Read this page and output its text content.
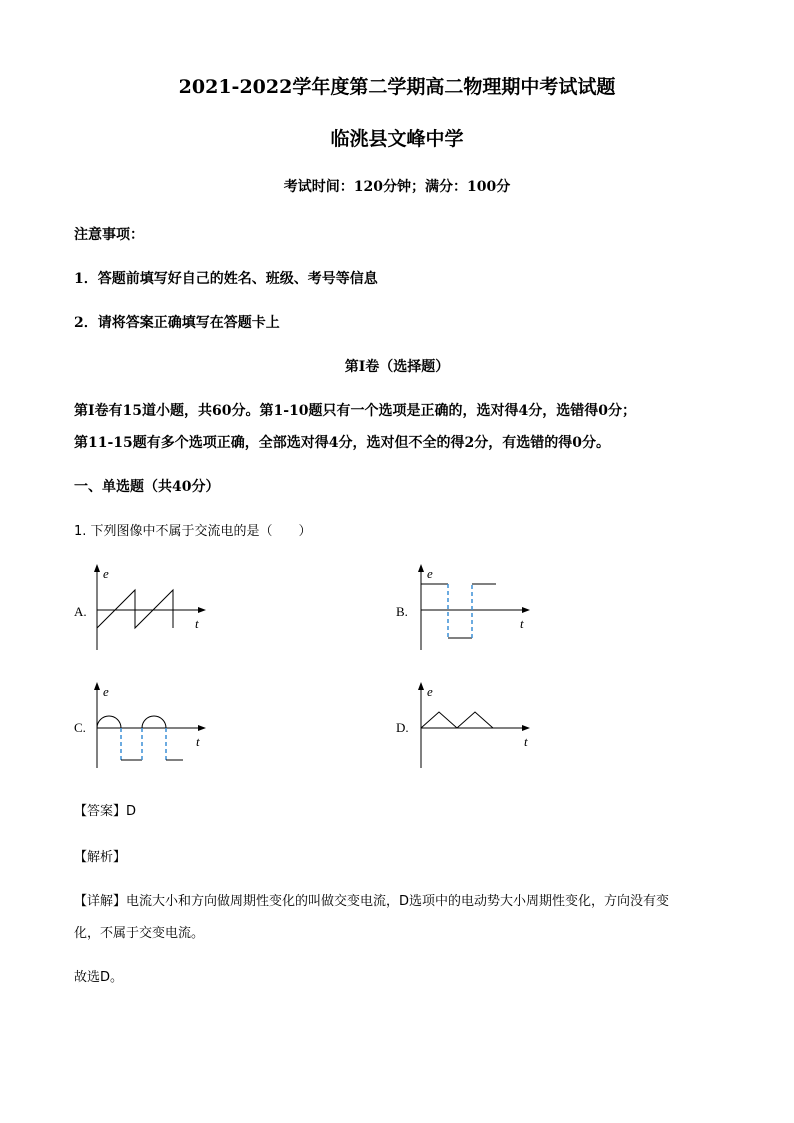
2021-2022学年度第二学期高二物理期中考试试题
临洮县文峰中学
考试时间：120分钟；满分：100分
注意事项：
1．答题前填写好自己的姓名、班级、考号等信息
2．请将答案正确填写在答题卡上
第I卷（选择题）
第I卷有15道小题，共60分。第1-10题只有一个选项是正确的，选对得4分，选错得0分；
第11-15题有多个选项正确，全部选对得4分，选对但不全的得2分，有选错的得0分。
一、单选题（共40分）
1. 下列图像中不属于交流电的是（　　）
A.
e
t
B.
e
t
C.
e
t
D.
e
t
【答案】D
【解析】
【详解】电流大小和方向做周期性变化的叫做交变电流，D选项中的电动势大小周期性变化，方向没有变
化，不属于交变电流。
故选D。
